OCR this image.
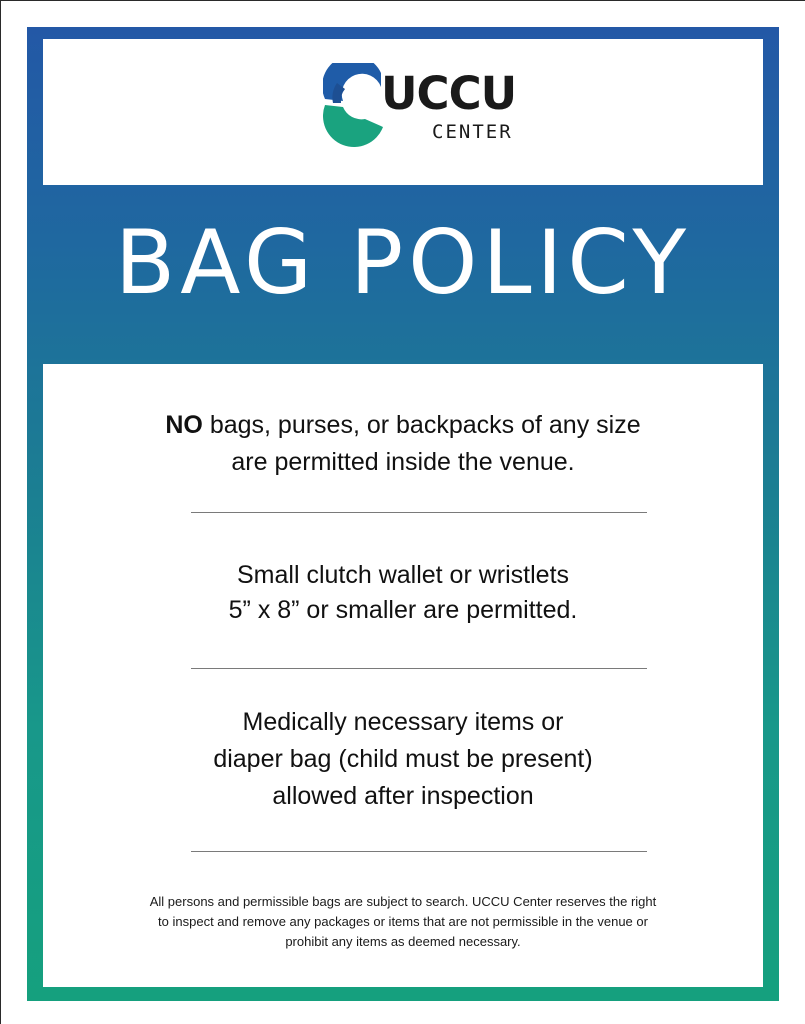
UCCU
CENTER
BAG POLICY
NO bags, purses, or backpacks of any size
are permitted inside the venue.
Small clutch wallet or wristlets
5” x 8” or smaller are permitted.
Medically necessary items or
diaper bag (child must be present)
allowed after inspection
All persons and permissible bags are subject to search. UCCU Center reserves the right
to inspect and remove any packages or items that are not permissible in the venue or
prohibit any items as deemed necessary.
